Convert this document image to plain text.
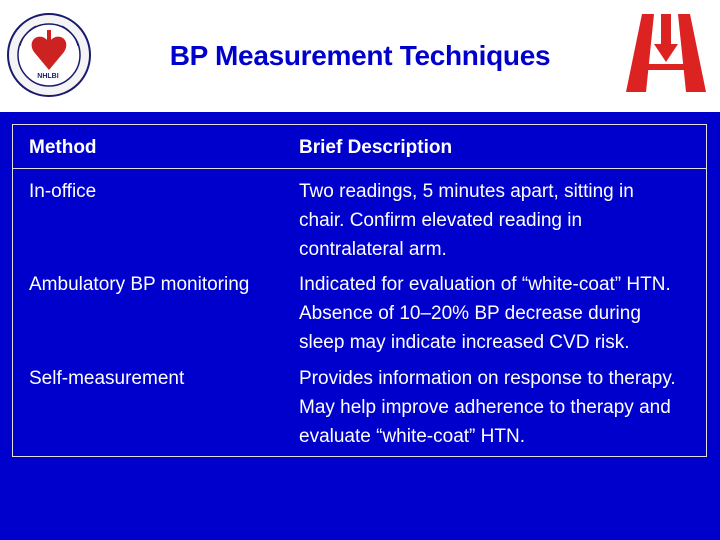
BP Measurement Techniques
NHLBI
Method	Brief Description
In-office	Two readings, 5 minutes apart, sitting in
chair. Confirm elevated reading in
contralateral arm.
Ambulatory BP monitoring	Indicated for evaluation of “white-coat” HTN.
Absence of 10–20% BP decrease during
sleep may indicate increased CVD risk.
Self-measurement	Provides information on response to therapy.
May help improve adherence to therapy and
evaluate “white-coat” HTN.
